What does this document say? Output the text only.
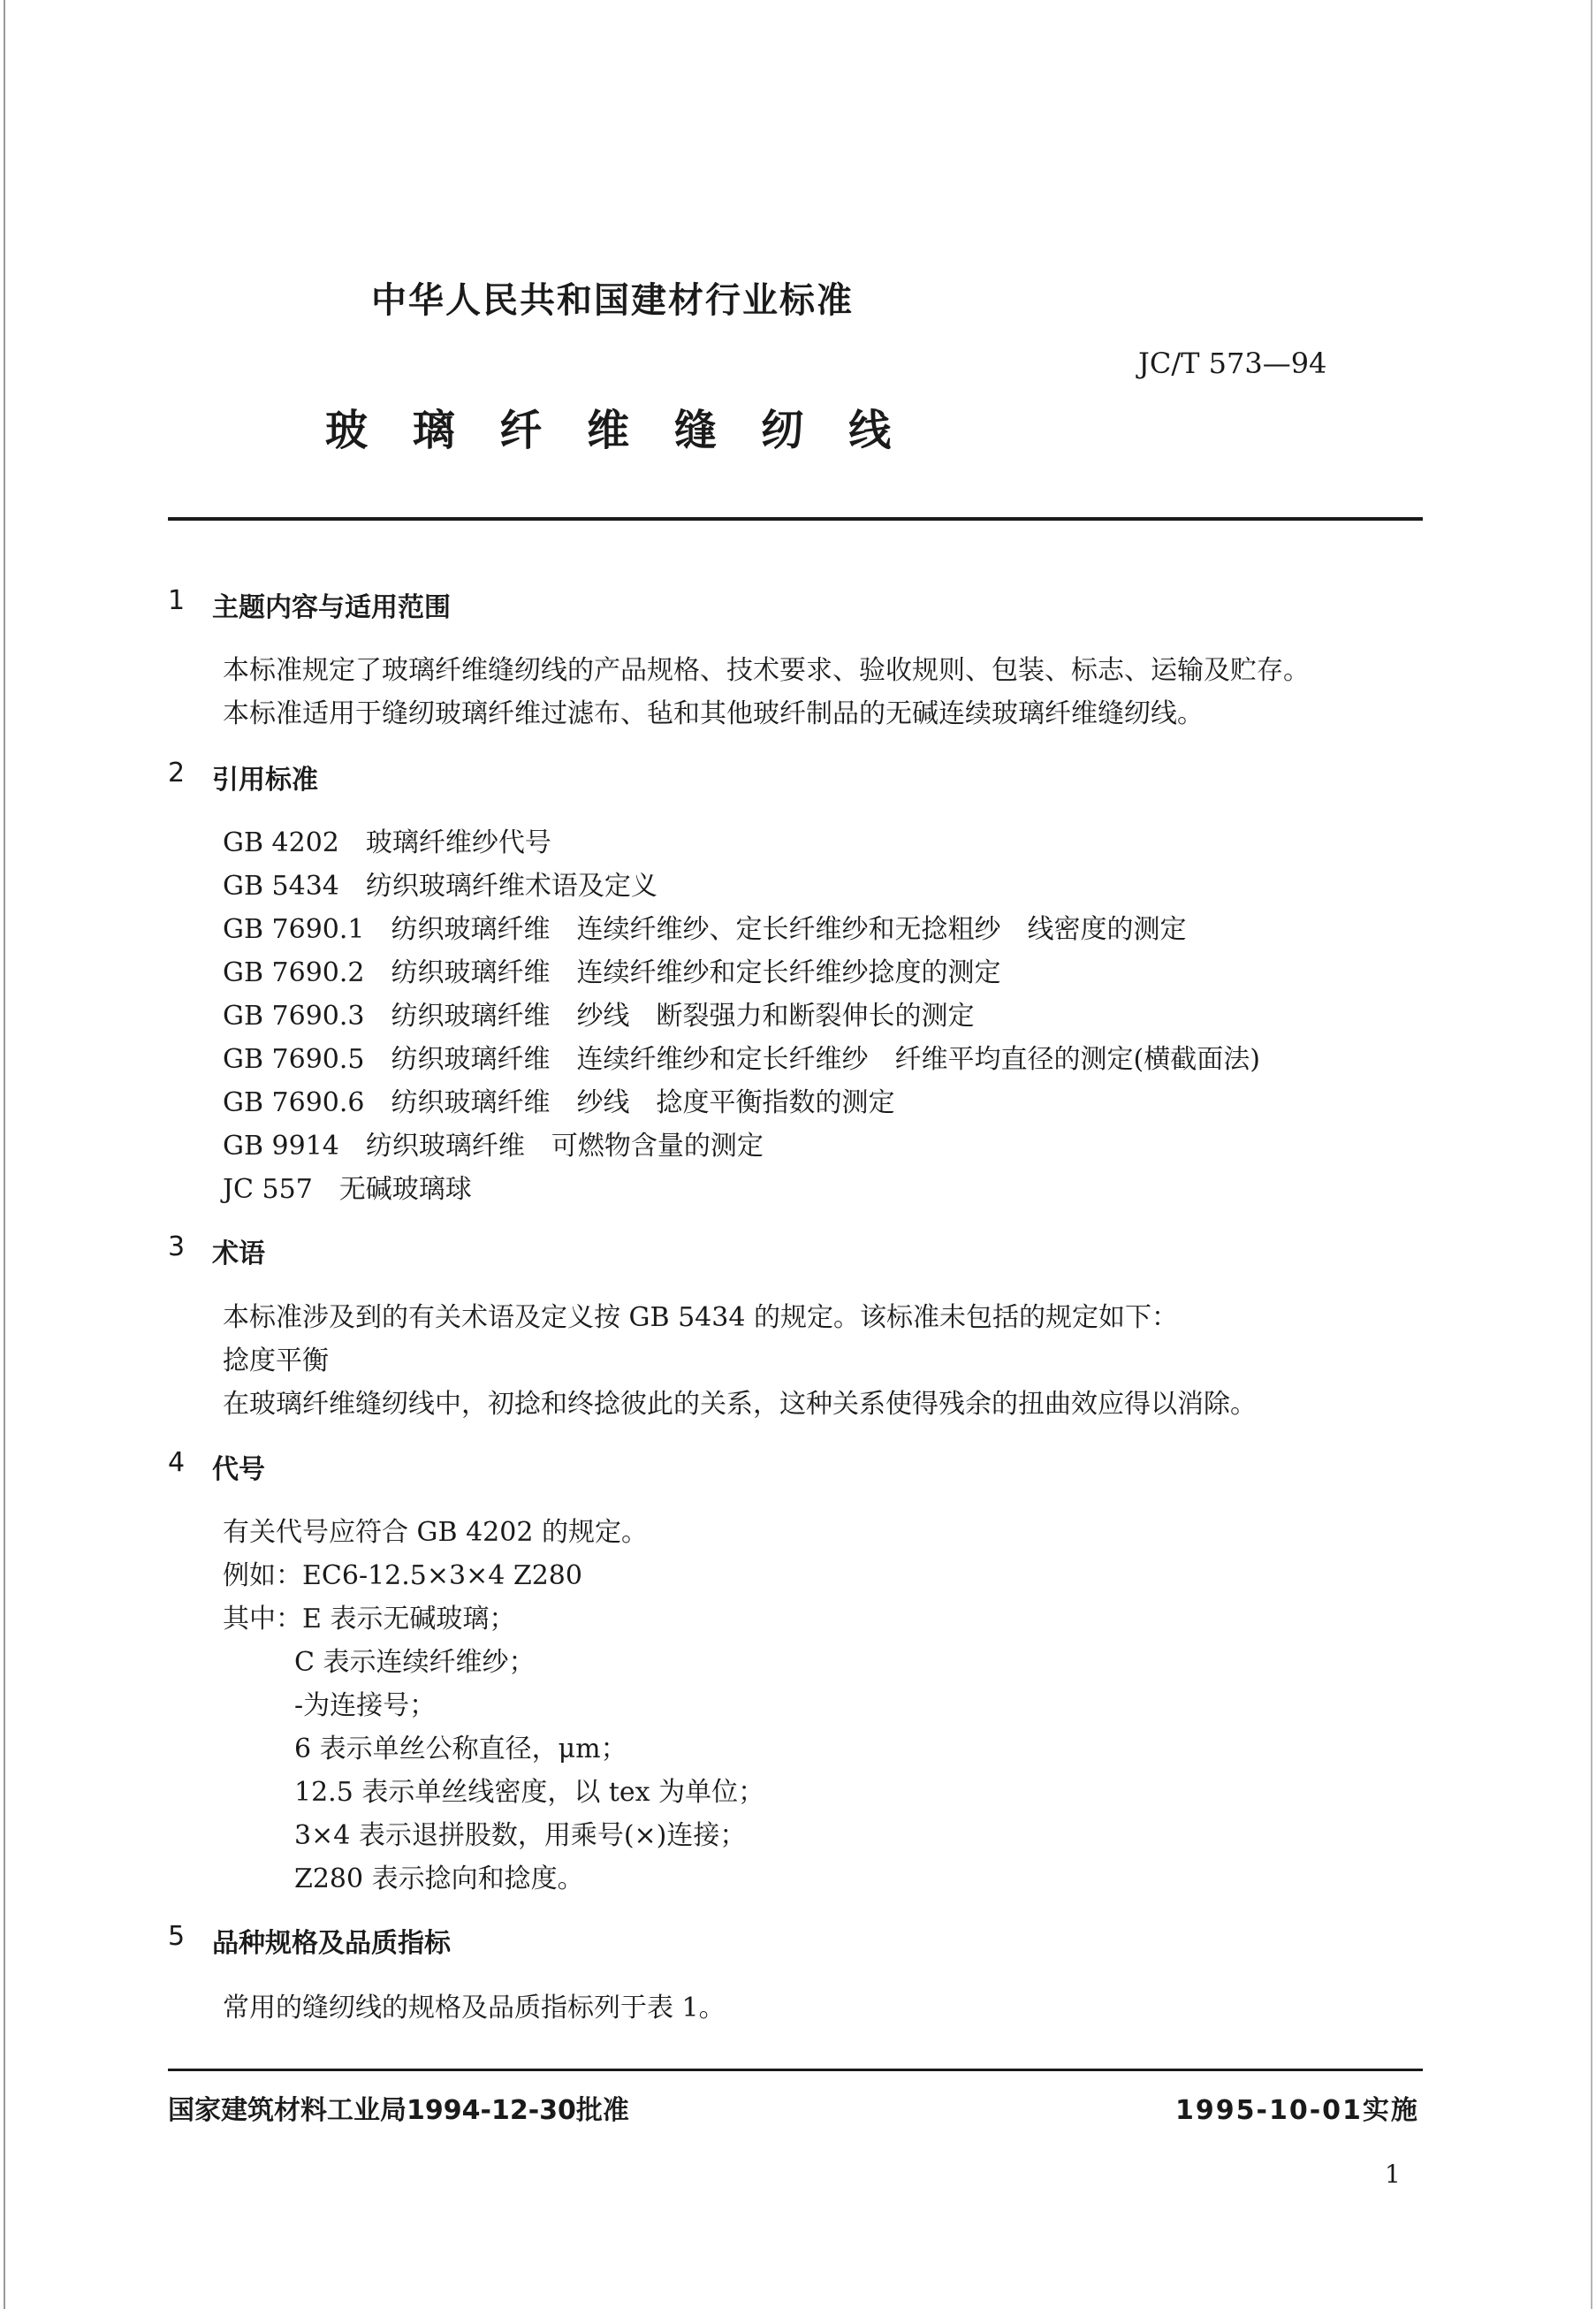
中华人民共和国建材行业标准
JC/T 573—94
玻 璃 纤 维 缝 纫 线
1 主题内容与适用范围
本标准规定了玻璃纤维缝纫线的产品规格、技术要求、验收规则、包装、标志、运输及贮存。
本标准适用于缝纫玻璃纤维过滤布、毡和其他玻纤制品的无碱连续玻璃纤维缝纫线。
2 引用标准
GB 4202 玻璃纤维纱代号
GB 5434 纺织玻璃纤维术语及定义
GB 7690.1 纺织玻璃纤维　连续纤维纱、定长纤维纱和无捻粗纱　线密度的测定
GB 7690.2 纺织玻璃纤维　连续纤维纱和定长纤维纱捻度的测定
GB 7690.3 纺织玻璃纤维　纱线　断裂强力和断裂伸长的测定
GB 7690.5 纺织玻璃纤维　连续纤维纱和定长纤维纱　纤维平均直径的测定(横截面法)
GB 7690.6 纺织玻璃纤维　纱线　捻度平衡指数的测定
GB 9914 纺织玻璃纤维　可燃物含量的测定
JC 557 无碱玻璃球
3 术语
本标准涉及到的有关术语及定义按 GB 5434 的规定。该标准未包括的规定如下：
捻度平衡
在玻璃纤维缝纫线中，初捻和终捻彼此的关系，这种关系使得残余的扭曲效应得以消除。
4 代号
有关代号应符合 GB 4202 的规定。
例如：EC6-12.5×3×4 Z280
其中：E 表示无碱玻璃；
C 表示连续纤维纱；
-为连接号；
6 表示单丝公称直径，μm；
12.5 表示单丝线密度，以 tex 为单位；
3×4 表示退拼股数，用乘号(×)连接；
Z280 表示捻向和捻度。
5 品种规格及品质指标
常用的缝纫线的规格及品质指标列于表 1。
国家建筑材料工业局1994-12-30批准	1995-10-01实施
1
